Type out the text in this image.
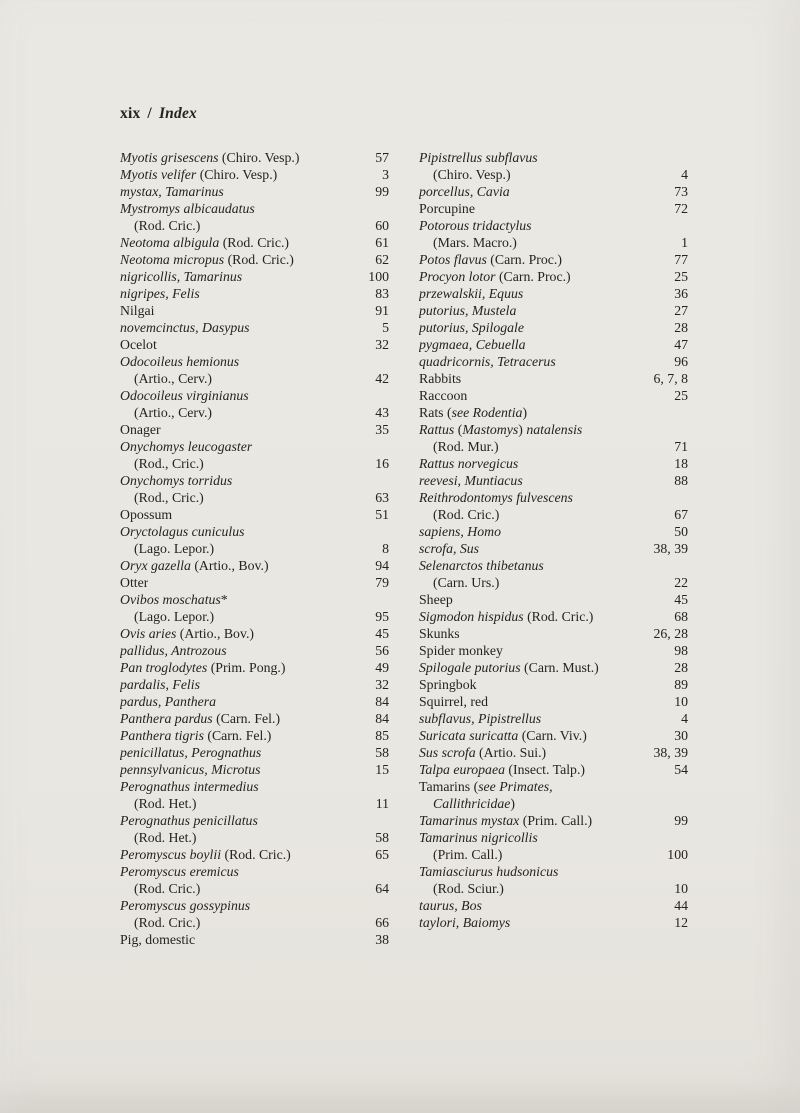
xix / Index
Myotis grisescens (Chiro. Vesp.)	57
Myotis velifer (Chiro. Vesp.)	3
mystax, Tamarinus	99
Mystromys albicaudatus
(Rod. Cric.)	60
Neotoma albigula (Rod. Cric.)	61
Neotoma micropus (Rod. Cric.)	62
nigricollis, Tamarinus	100
nigripes, Felis	83
Nilgai	91
novemcinctus, Dasypus	5
Ocelot	32
Odocoileus hemionus
(Artio., Cerv.)	42
Odocoileus virginianus
(Artio., Cerv.)	43
Onager	35
Onychomys leucogaster
(Rod., Cric.)	16
Onychomys torridus
(Rod., Cric.)	63
Opossum	51
Oryctolagus cuniculus
(Lago. Lepor.)	8
Oryx gazella (Artio., Bov.)	94
Otter	79
Ovibos moschatus*
(Lago. Lepor.)	95
Ovis aries (Artio., Bov.)	45
pallidus, Antrozous	56
Pan troglodytes (Prim. Pong.)	49
pardalis, Felis	32
pardus, Panthera	84
Panthera pardus (Carn. Fel.)	84
Panthera tigris (Carn. Fel.)	85
penicillatus, Perognathus	58
pennsylvanicus, Microtus	15
Perognathus intermedius
(Rod. Het.)	11
Perognathus penicillatus
(Rod. Het.)	58
Peromyscus boylii (Rod. Cric.)	65
Peromyscus eremicus
(Rod. Cric.)	64
Peromyscus gossypinus
(Rod. Cric.)	66
Pig, domestic	38
Pipistrellus subflavus
(Chiro. Vesp.)	4
porcellus, Cavia	73
Porcupine	72
Potorous tridactylus
(Mars. Macro.)	1
Potos flavus (Carn. Proc.)	77
Procyon lotor (Carn. Proc.)	25
przewalskii, Equus	36
putorius, Mustela	27
putorius, Spilogale	28
pygmaea, Cebuella	47
quadricornis, Tetracerus	96
Rabbits	6, 7, 8
Raccoon	25
Rats (see Rodentia)
Rattus (Mastomys) natalensis
(Rod. Mur.)	71
Rattus norvegicus	18
reevesi, Muntiacus	88
Reithrodontomys fulvescens
(Rod. Cric.)	67
sapiens, Homo	50
scrofa, Sus	38, 39
Selenarctos thibetanus
(Carn. Urs.)	22
Sheep	45
Sigmodon hispidus (Rod. Cric.)	68
Skunks	26, 28
Spider monkey	98
Spilogale putorius (Carn. Must.)	28
Springbok	89
Squirrel, red	10
subflavus, Pipistrellus	4
Suricata suricatta (Carn. Viv.)	30
Sus scrofa (Artio. Sui.)	38, 39
Talpa europaea (Insect. Talp.)	54
Tamarins (see Primates,
Callithricidae)
Tamarinus mystax (Prim. Call.)	99
Tamarinus nigricollis
(Prim. Call.)	100
Tamiasciurus hudsonicus
(Rod. Sciur.)	10
taurus, Bos	44
taylori, Baiomys	12
